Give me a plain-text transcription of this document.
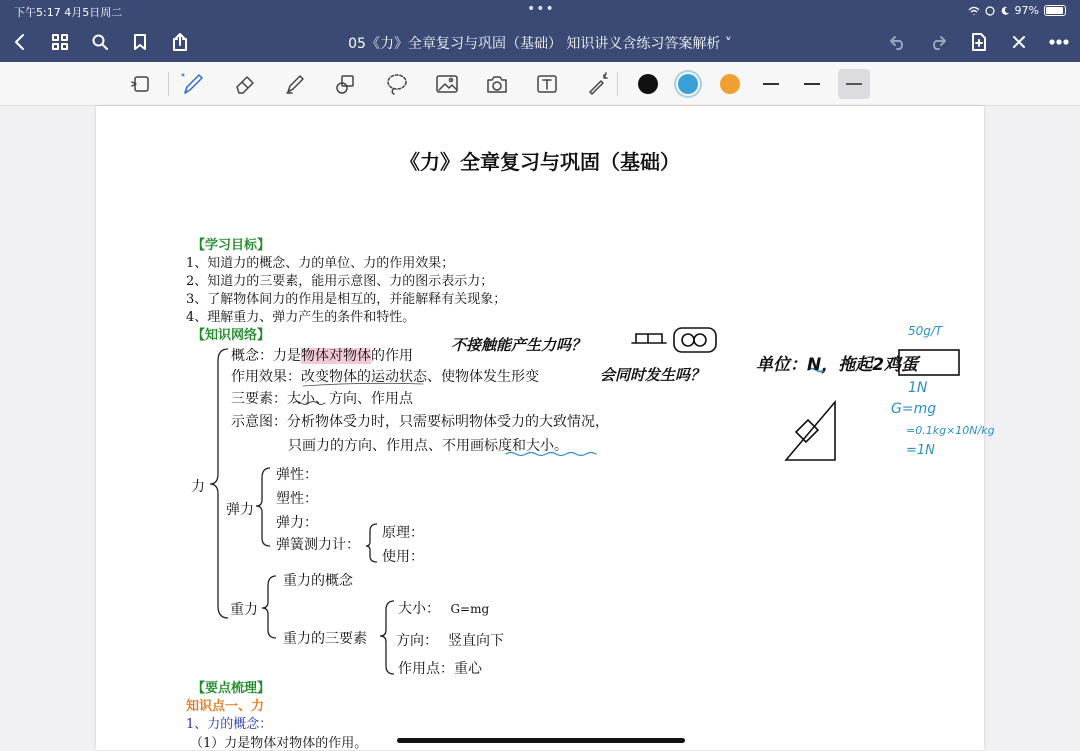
下午5:17 4月5日周二	•••	97%
05《力》全章复习与巩固（基础） 知识讲义含练习答案解析 ˅
《力》全章复习与巩固（基础）
【学习目标】
1、知道力的概念、力的单位、力的作用效果；
2、知道力的三要素，能用示意图、力的图示表示力；
3、了解物体间力的作用是相互的，并能解释有关现象；
4、理解重力、弹力产生的条件和特性。
【知识网络】
力
概念：力是物体对物体的作用
作用效果：改变物体的运动状态、使物体发生形变
三要素：大小、方向、作用点
示意图：分析物体受力时，只需要标明物体受力的大致情况，
只画力的方向、作用点、不用画标度和大小。
弹力
弹性：
塑性：
弹力：
弹簧测力计：
原理：
使用：
重力
重力的概念
重力的三要素
大小： G=mg
方向： 竖直向下
作用点：重心
【要点梳理】
知识点一、力
1、力的概念：
（1）力是物体对物体的作用。
不接触能产生力吗？
会同时发生吗？	单位：N，拖起2鸡蛋
50g/T
1N
G=mg
=0.1kg×10N/kg
=1N
